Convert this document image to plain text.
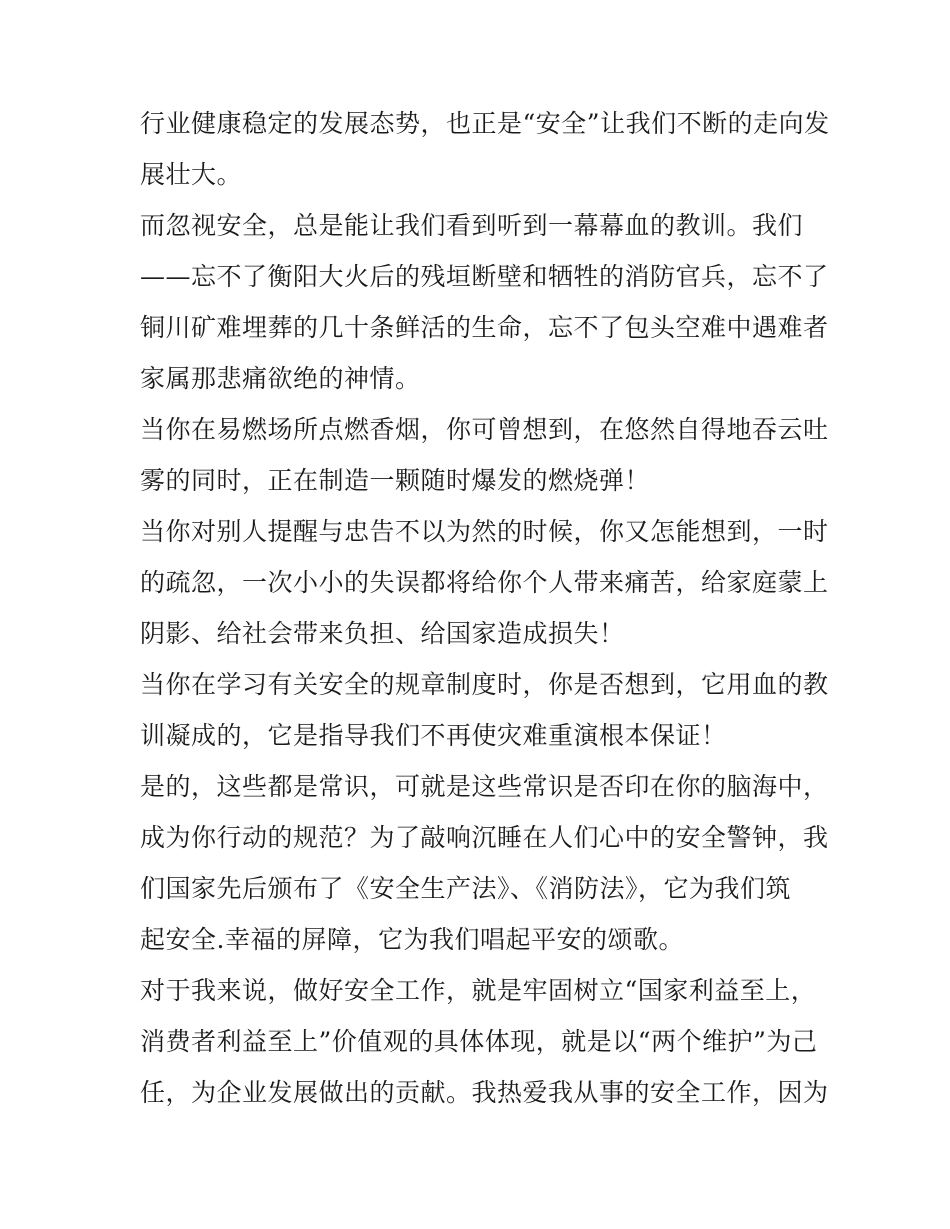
行业健康稳定的发展态势，也正是“安全”让我们不断的走向发
展壮大。
而忽视安全，总是能让我们看到听到一幕幕血的教训。我们
——忘不了衡阳大火后的残垣断壁和牺牲的消防官兵，忘不了
铜川矿难埋葬的几十条鲜活的生命，忘不了包头空难中遇难者
家属那悲痛欲绝的神情。
当你在易燃场所点燃香烟，你可曾想到，在悠然自得地吞云吐
雾的同时，正在制造一颗随时爆发的燃烧弹！
当你对别人提醒与忠告不以为然的时候，你又怎能想到，一时
的疏忽，一次小小的失误都将给你个人带来痛苦，给家庭蒙上
阴影、给社会带来负担、给国家造成损失！
当你在学习有关安全的规章制度时，你是否想到，它用血的教
训凝成的，它是指导我们不再使灾难重演根本保证！
是的，这些都是常识，可就是这些常识是否印在你的脑海中，
成为你行动的规范？为了敲响沉睡在人们心中的安全警钟，我
们国家先后颁布了《安全生产法》、《消防法》，它为我们筑
起安全.幸福的屏障，它为我们唱起平安的颂歌。
对于我来说，做好安全工作，就是牢固树立“国家利益至上，
消费者利益至上”价值观的具体体现，就是以“两个维护”为己
任，为企业发展做出的贡献。我热爱我从事的安全工作，因为
